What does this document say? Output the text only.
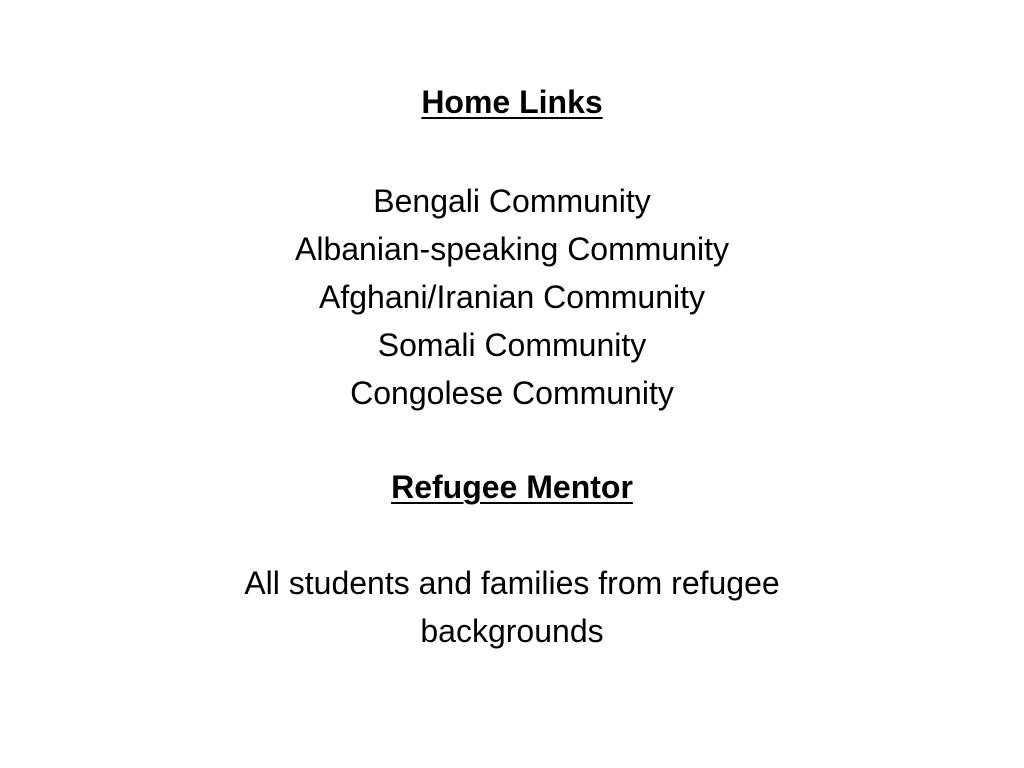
Home Links
Bengali Community
Albanian-speaking Community
Afghani/Iranian Community
Somali Community
Congolese Community
Refugee Mentor

All students and families from refugee backgrounds
